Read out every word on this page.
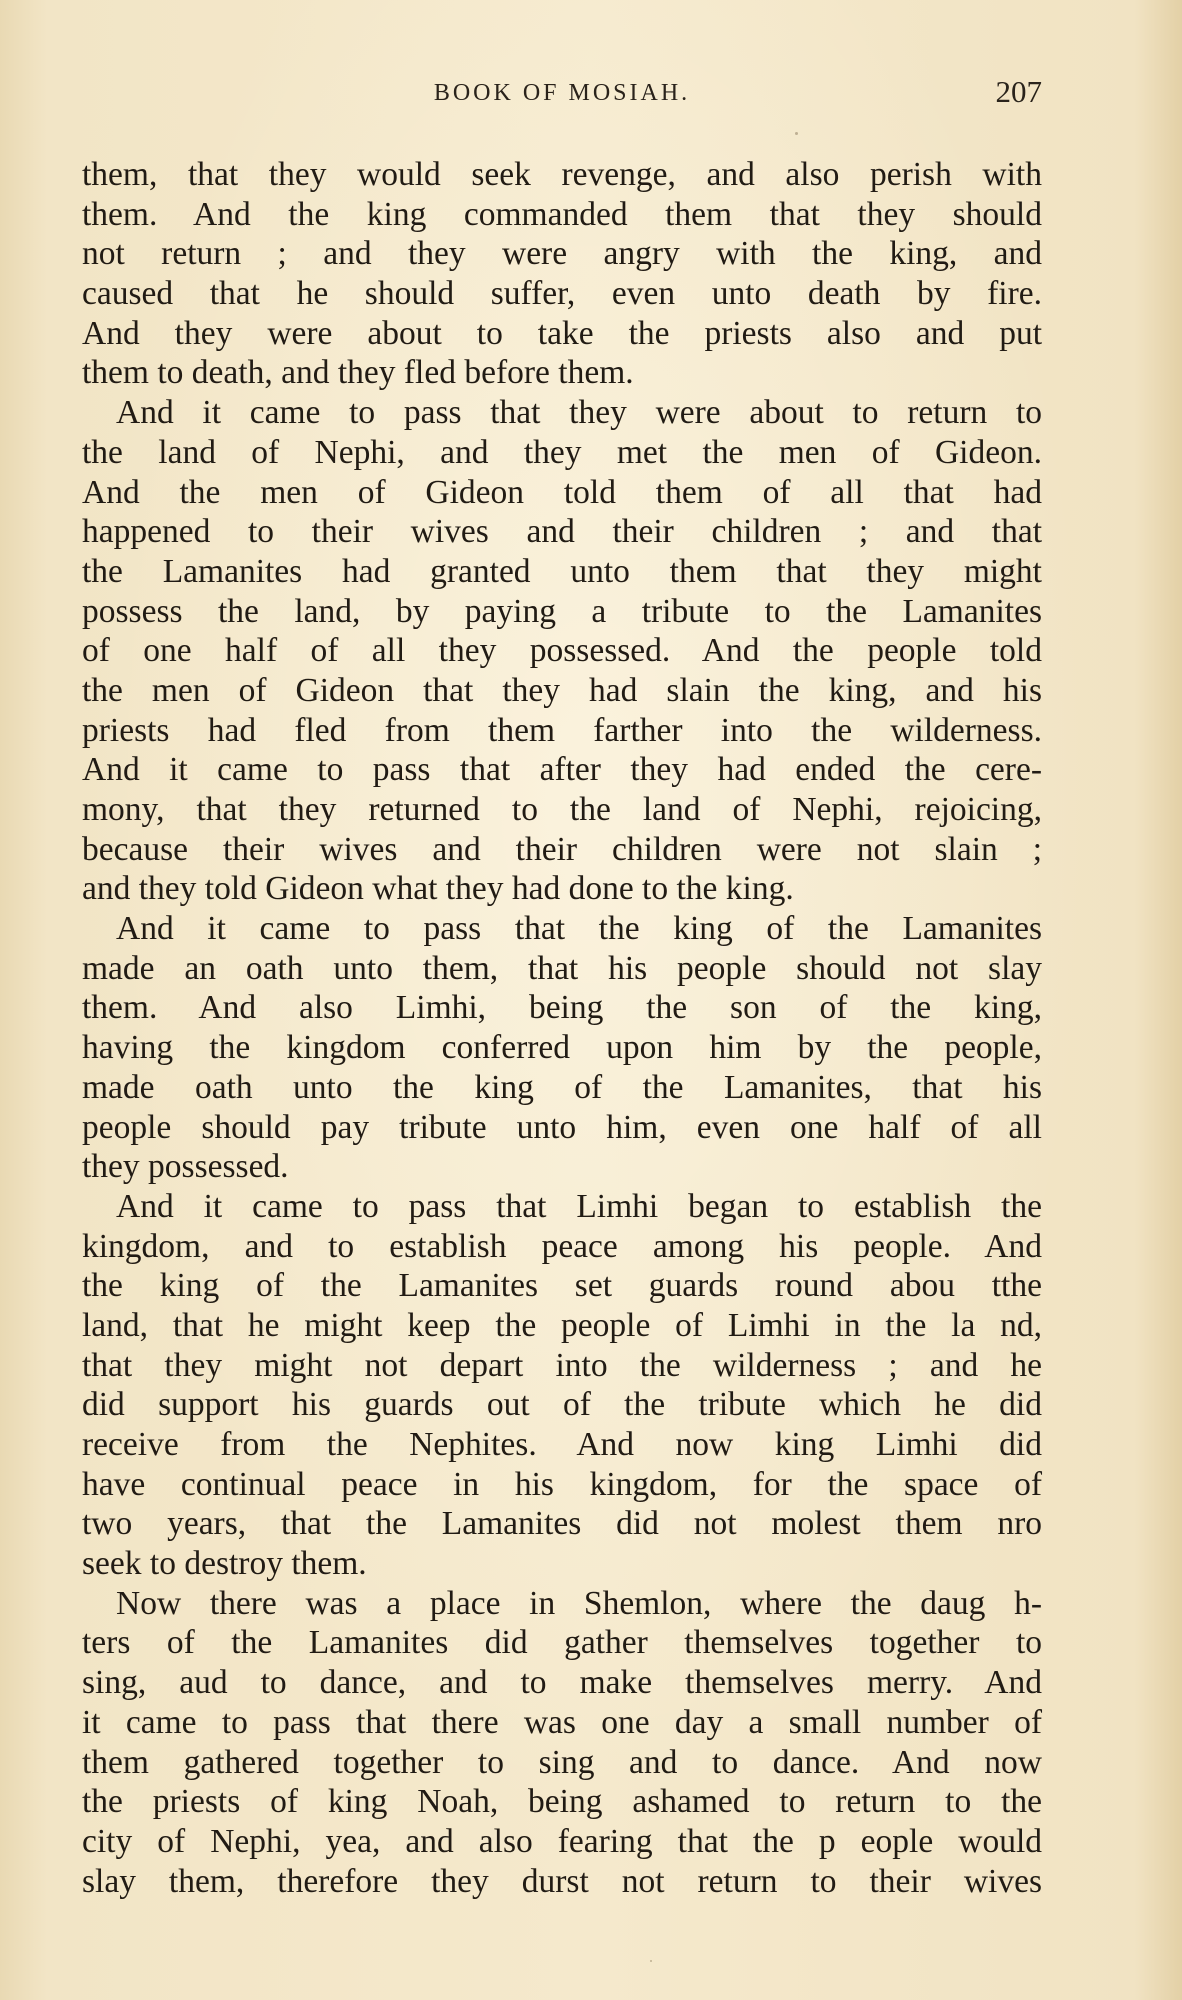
BOOK OF MOSIAH.	207
them, that they would seek revenge, and also perish with
them. And the king commanded them that they should
not return ; and they were angry with the king, and
caused that he should suffer, even unto death by fire.
And they were about to take the priests also and put
them to death, and they fled before them.
And it came to pass that they were about to return to
the land of Nephi, and they met the men of Gideon.
And the men of Gideon told them of all that had
happened to their wives and their children ; and that
the Lamanites had granted unto them that they might
possess the land, by paying a tribute to the Lamanites
of one half of all they possessed. And the people told
the men of Gideon that they had slain the king, and his
priests had fled from them farther into the wilderness.
And it came to pass that after they had ended the cere-
mony, that they returned to the land of Nephi, rejoicing,
because their wives and their children were not slain ;
and they told Gideon what they had done to the king.
And it came to pass that the king of the Lamanites
made an oath unto them, that his people should not slay
them. And also Limhi, being the son of the king,
having the kingdom conferred upon him by the people,
made oath unto the king of the Lamanites, that his
people should pay tribute unto him, even one half of all
they possessed.
And it came to pass that Limhi began to establish the
kingdom, and to establish peace among his people. And
the king of the Lamanites set guards round abou tthe
land, that he might keep the people of Limhi in the la nd,
that they might not depart into the wilderness ; and he
did support his guards out of the tribute which he did
receive from the Nephites. And now king Limhi did
have continual peace in his kingdom, for the space of
two years, that the Lamanites did not molest them nro
seek to destroy them.
Now there was a place in Shemlon, where the daug h-
ters of the Lamanites did gather themselves together to
sing, aud to dance, and to make themselves merry. And
it came to pass that there was one day a small number of
them gathered together to sing and to dance. And now
the priests of king Noah, being ashamed to return to the
city of Nephi, yea, and also fearing that the p eople would
slay them, therefore they durst not return to their wives
